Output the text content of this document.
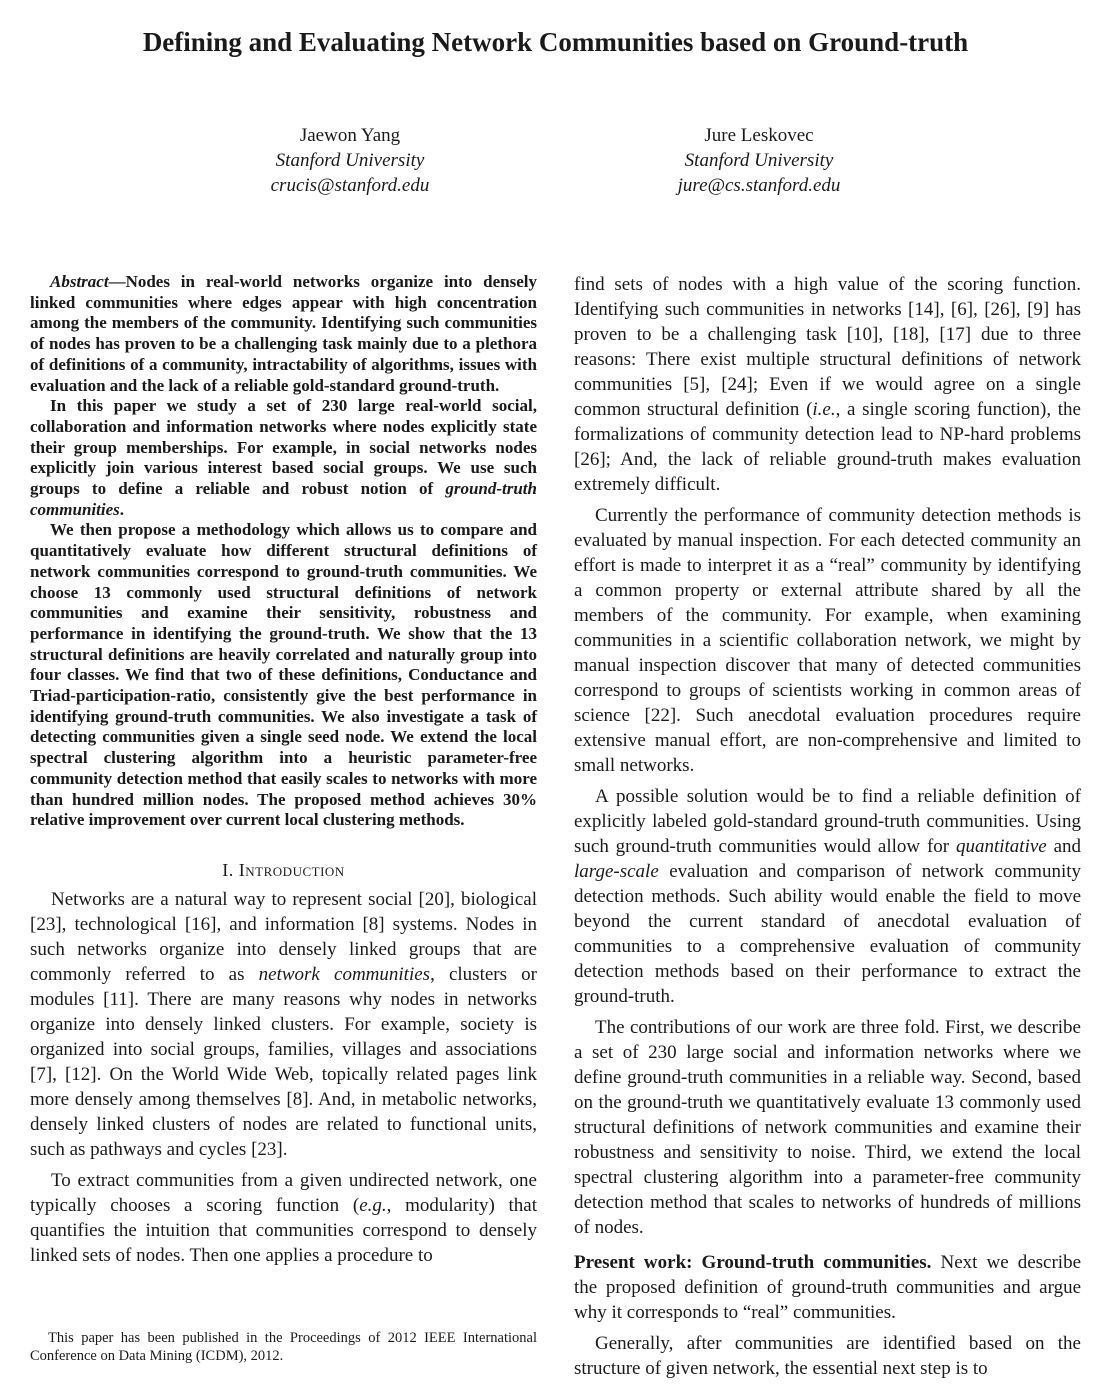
Defining and Evaluating Network Communities based on Ground-truth
Jaewon Yang
Stanford University
crucis@stanford.edu
Jure Leskovec
Stanford University
jure@cs.stanford.edu

Abstract—Nodes in real-world networks organize into densely linked communities where edges appear with high concentration among the members of the community. Identifying such communities of nodes has proven to be a challenging task mainly due to a plethora of definitions of a community, intractability of algorithms, issues with evaluation and the lack of a reliable gold-standard ground-truth.

In this paper we study a set of 230 large real-world social, collaboration and information networks where nodes explicitly state their group memberships. For example, in social networks nodes explicitly join various interest based social groups. We use such groups to define a reliable and robust notion of ground-truth communities.

We then propose a methodology which allows us to compare and quantitatively evaluate how different structural definitions of network communities correspond to ground-truth communities. We choose 13 commonly used structural definitions of network communities and examine their sensitivity, robustness and performance in identifying the ground-truth. We show that the 13 structural definitions are heavily correlated and naturally group into four classes. We find that two of these definitions, Conductance and Triad-participation-ratio, consistently give the best performance in identifying ground-truth communities. We also investigate a task of detecting communities given a single seed node. We extend the local spectral clustering algorithm into a heuristic parameter-free community detection method that easily scales to networks with more than hundred million nodes. The proposed method achieves 30% relative improvement over current local clustering methods.

I. Introduction

Networks are a natural way to represent social [20], biological [23], technological [16], and information [8] systems. Nodes in such networks organize into densely linked groups that are commonly referred to as network communities, clusters or modules [11]. There are many reasons why nodes in networks organize into densely linked clusters. For example, society is organized into social groups, families, villages and associations [7], [12]. On the World Wide Web, topically related pages link more densely among themselves [8]. And, in metabolic networks, densely linked clusters of nodes are related to functional units, such as pathways and cycles [23].

To extract communities from a given undirected network, one typically chooses a scoring function (e.g., modularity) that quantifies the intuition that communities correspond to densely linked sets of nodes. Then one applies a procedure to

This paper has been published in the Proceedings of 2012 IEEE International Conference on Data Mining (ICDM), 2012.

find sets of nodes with a high value of the scoring function. Identifying such communities in networks [14], [6], [26], [9] has proven to be a challenging task [10], [18], [17] due to three reasons: There exist multiple structural definitions of network communities [5], [24]; Even if we would agree on a single common structural definition (i.e., a single scoring function), the formalizations of community detection lead to NP-hard problems [26]; And, the lack of reliable ground-truth makes evaluation extremely difficult.

Currently the performance of community detection methods is evaluated by manual inspection. For each detected community an effort is made to interpret it as a “real” community by identifying a common property or external attribute shared by all the members of the community. For example, when examining communities in a scientific collaboration network, we might by manual inspection discover that many of detected communities correspond to groups of scientists working in common areas of science [22]. Such anecdotal evaluation procedures require extensive manual effort, are non-comprehensive and limited to small networks.

A possible solution would be to find a reliable definition of explicitly labeled gold-standard ground-truth communities. Using such ground-truth communities would allow for quantitative and large-scale evaluation and comparison of network community detection methods. Such ability would enable the field to move beyond the current standard of anecdotal evaluation of communities to a comprehensive evaluation of community detection methods based on their performance to extract the ground-truth.

The contributions of our work are three fold. First, we describe a set of 230 large social and information networks where we define ground-truth communities in a reliable way. Second, based on the ground-truth we quantitatively evaluate 13 commonly used structural definitions of network communities and examine their robustness and sensitivity to noise. Third, we extend the local spectral clustering algorithm into a parameter-free community detection method that scales to networks of hundreds of millions of nodes.

Present work: Ground-truth communities. Next we describe the proposed definition of ground-truth communities and argue why it corresponds to “real” communities.

Generally, after communities are identified based on the structure of given network, the essential next step is to
